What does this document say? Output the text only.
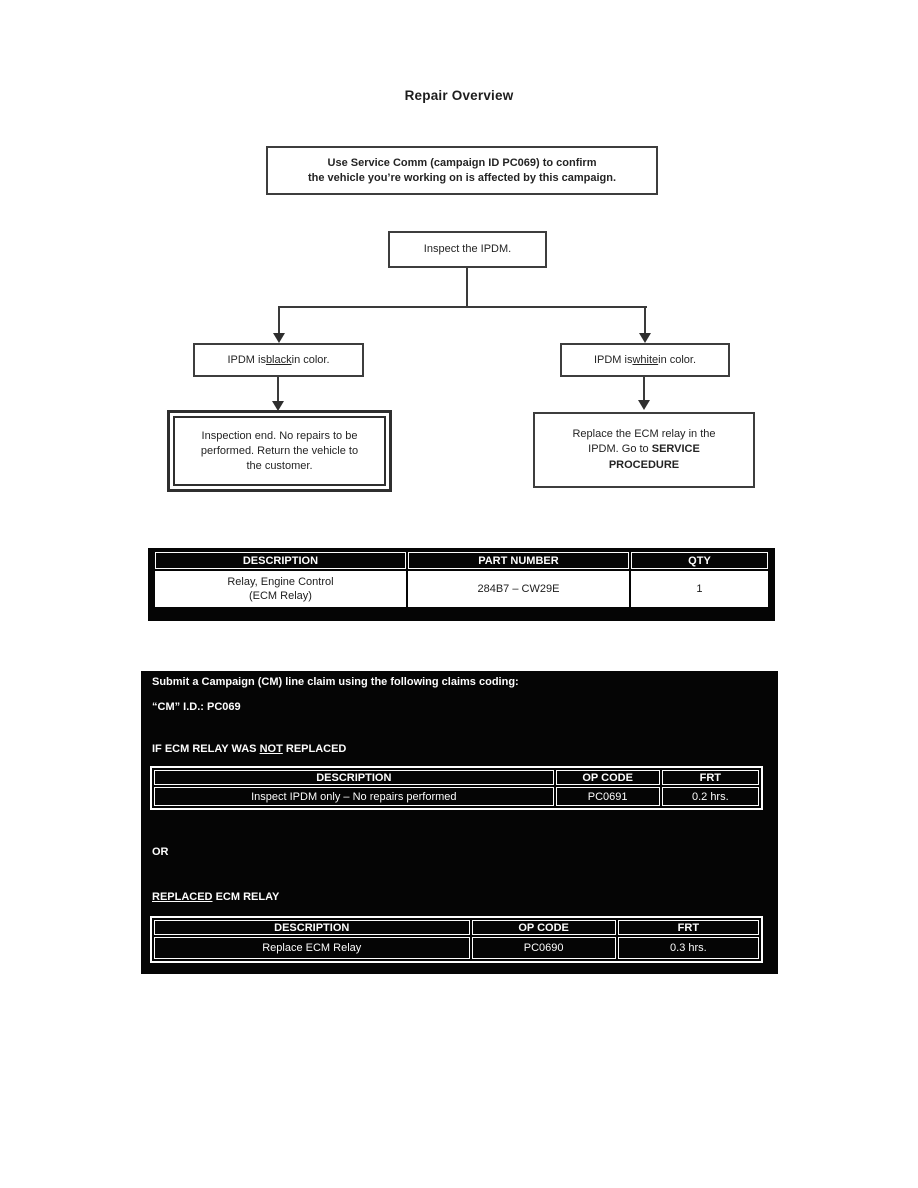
Repair Overview
Use Service Comm (campaign ID PC069) to confirm
the vehicle you’re working on is affected by this campaign.
Inspect the IPDM.
IPDM is black in color.	IPDM is white in color.
Inspection end. No repairs to be
performed. Return the vehicle to
the customer.
Replace the ECM relay in the
IPDM. Go to SERVICE
PROCEDURE
DESCRIPTION	PART NUMBER	QTY

Relay, Engine Control
(ECM Relay)	284B7 – CW29E	1
Submit a Campaign (CM) line claim using the following claims coding:
“CM” I.D.: PC069
IF ECM RELAY WAS NOT REPLACED
DESCRIPTION	OP CODE	FRT
Inspect IPDM only – No repairs performed	PC0691	0.2 hrs.
OR
REPLACED ECM RELAY
DESCRIPTION	OP CODE	FRT
Replace ECM Relay	PC0690	0.3 hrs.
